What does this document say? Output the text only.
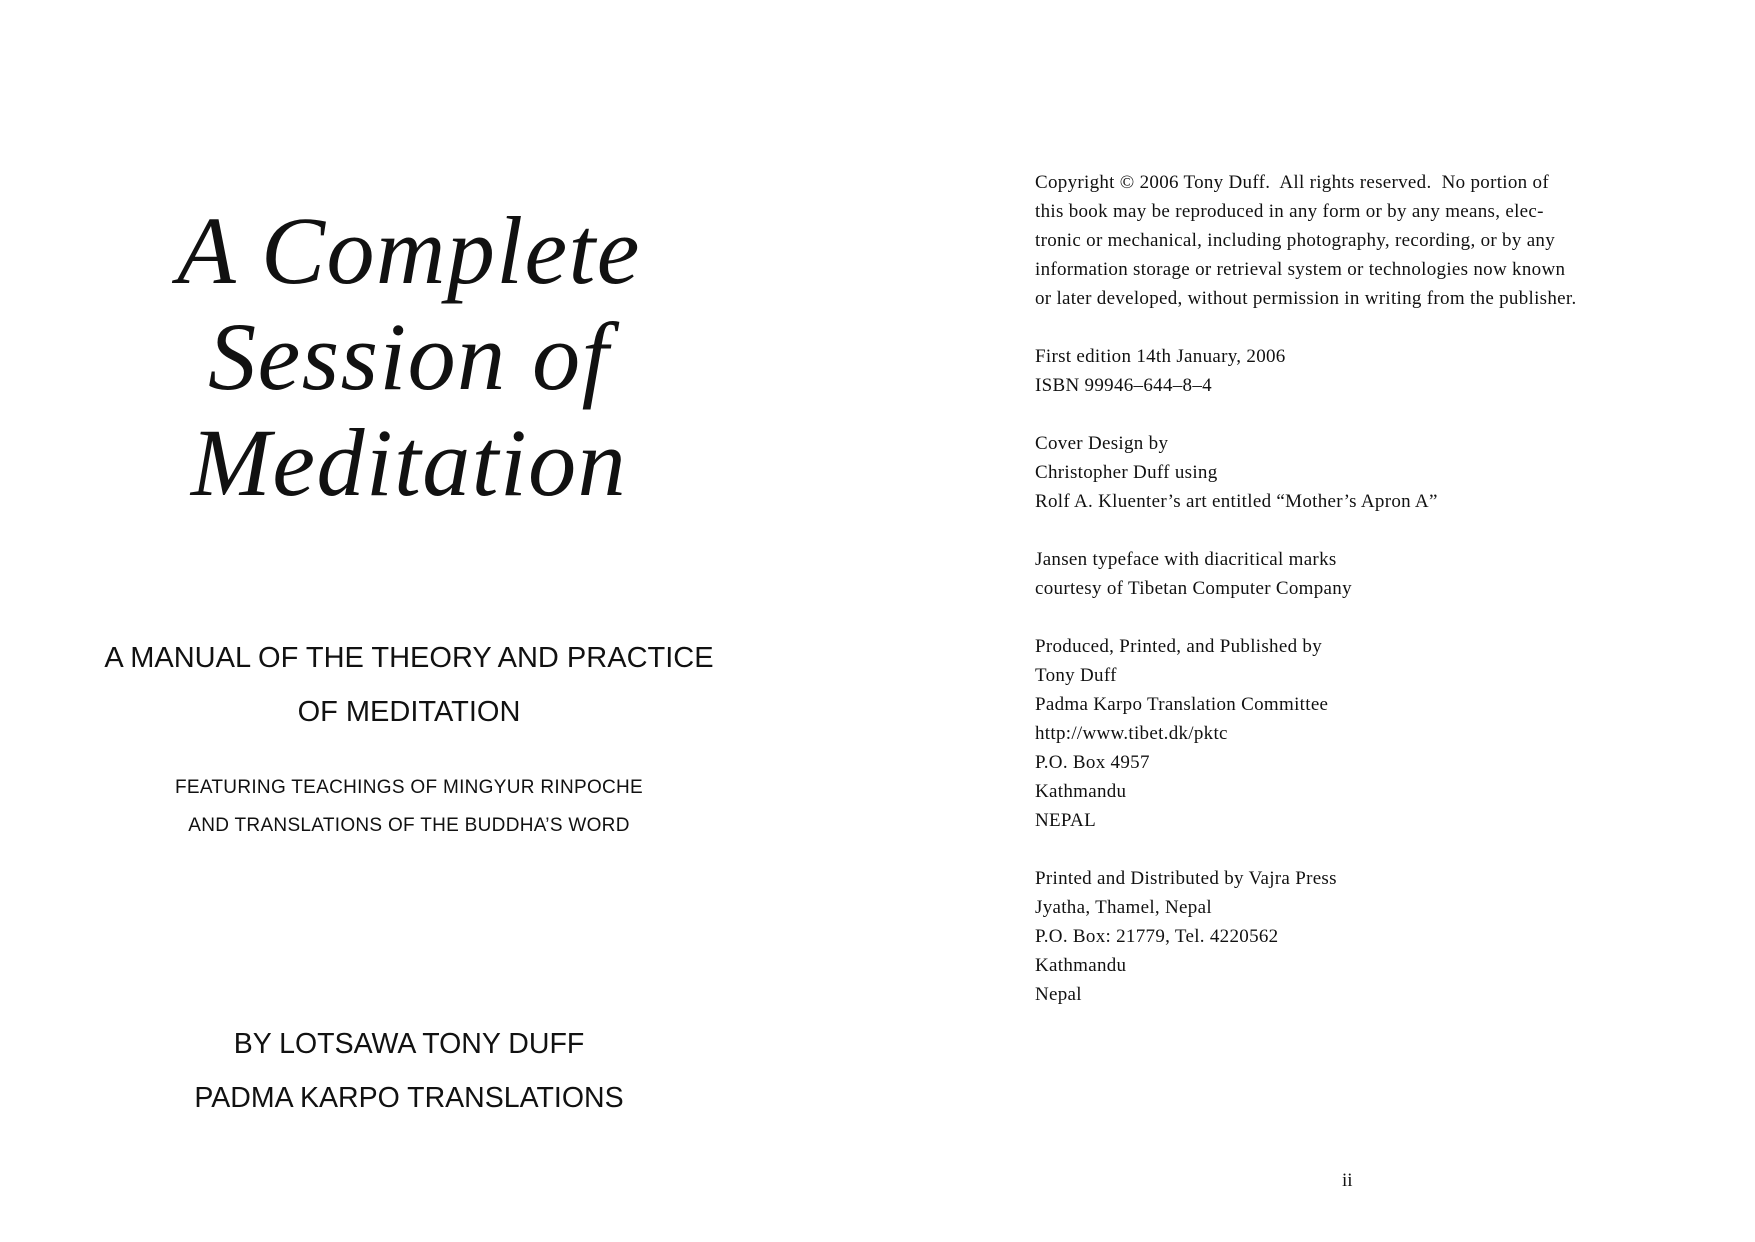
A Complete
Session of
Meditation
A MANUAL OF THE THEORY AND PRACTICE
OF MEDITATION
FEATURING TEACHINGS OF MINGYUR RINPOCHE
AND TRANSLATIONS OF THE BUDDHA’S WORD
BY LOTSAWA TONY DUFF
PADMA KARPO TRANSLATIONS
Copyright © 2006 Tony Duff.  All rights reserved.  No portion of
this book may be reproduced in any form or by any means, elec-
tronic or mechanical, including photography, recording, or by any
information storage or retrieval system or technologies now known
or later developed, without permission in writing from the publisher.
First edition 14th January, 2006
ISBN 99946–644–8–4
Cover Design by
Christopher Duff using
Rolf A. Kluenter’s art entitled “Mother’s Apron A”
Jansen typeface with diacritical marks
courtesy of Tibetan Computer Company
Produced, Printed, and Published by
Tony Duff
Padma Karpo Translation Committee
http://www.tibet.dk/pktc
P.O. Box 4957
Kathmandu
NEPAL
Printed and Distributed by Vajra Press
Jyatha, Thamel, Nepal
P.O. Box: 21779, Tel. 4220562
Kathmandu
Nepal
ii
